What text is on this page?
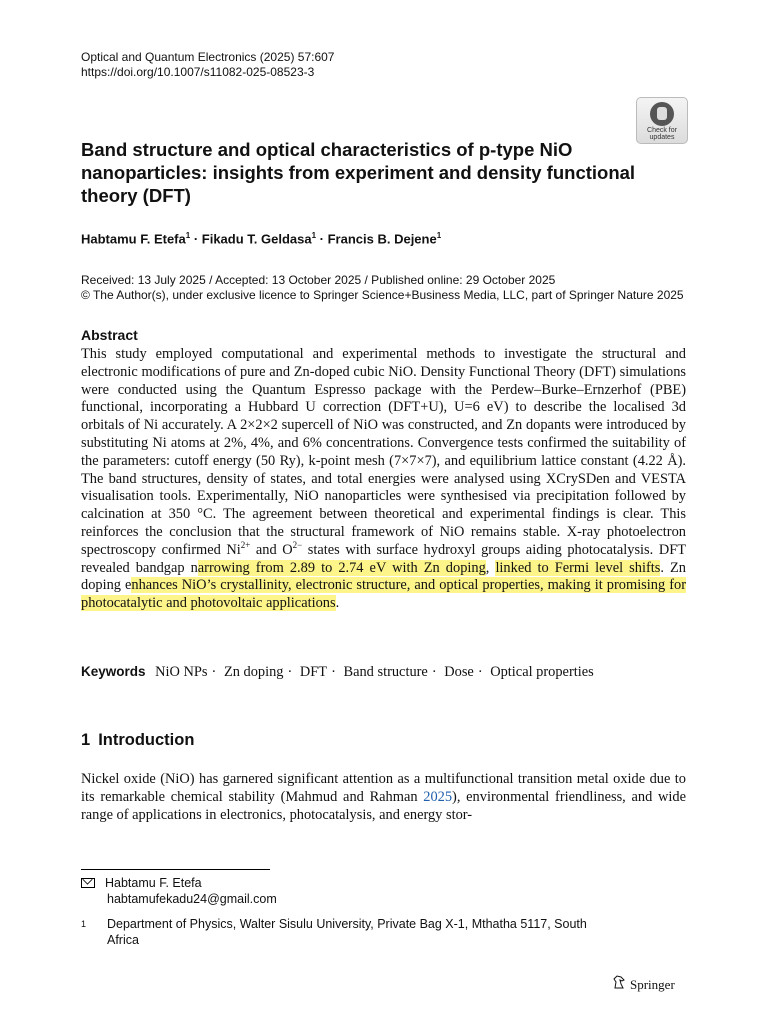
Optical and Quantum Electronics (2025) 57:607
https://doi.org/10.1007/s11082-025-08523-3
Check for
updates
Band structure and optical characteristics of p-type NiO nanoparticles: insights from experiment and density functional theory (DFT)
Habtamu F. Etefa$^1$ · Fikadu T. Geldasa$^1$ · Francis B. Dejene$^1$
Received: 13 July 2025 / Accepted: 13 October 2025 / Published online: 29 October 2025
© The Author(s), under exclusive licence to Springer Science+Business Media, LLC, part of Springer Nature 2025
Abstract

This study employed computational and experimental methods to investigate the structural and electronic modifications of pure and Zn-doped cubic NiO. Density Functional Theory (DFT) simulations were conducted using the Quantum Espresso package with the Perdew–Burke–Ernzerhof (PBE) functional, incorporating a Hubbard U correction (DFT+U), U=6 eV) to describe the localised 3d orbitals of Ni accurately. A 2×2×2 supercell of NiO was constructed, and Zn dopants were introduced by substituting Ni atoms at 2%, 4%, and 6% concentrations. Convergence tests confirmed the suitability of the parameters: cutoff energy (50 Ry), k-point mesh (7×7×7), and equilibrium lattice constant (4.22 Å). The band structures, density of states, and total energies were analysed using XCrySDen and VESTA visualisation tools. Experimentally, NiO nanoparticles were synthesised via precipitation followed by calcination at 350 °C. The agreement between theoretical and experimental findings is clear. This reinforces the conclusion that the structural framework of NiO remains stable. X-ray photoelectron spectroscopy confirmed $Ni^{2+}$ and $O^{2-}$ states with surface hydroxyl groups aiding photocatalysis. DFT revealed bandgap narrowing from 2.89 to 2.74 eV with Zn doping, linked to Fermi level shifts. Zn doping enhances NiO’s crystallinity, electronic structure, and optical properties, making it promising for photocatalytic and photovoltaic applications.

Keywords NiO NPs · Zn doping · DFT · Band structure · Dose · Optical properties
1 Introduction

Nickel oxide (NiO) has garnered significant attention as a multifunctional transition metal oxide due to its remarkable chemical stability (Mahmud and Rahman 2025), environmental friendliness, and wide range of applications in electronics, photocatalysis, and energy stor-

Habtamu F. Etefa
habtamufekadu24@gmail.com
1 Department of Physics, Walter Sisulu University, Private Bag X-1, Mthatha 5117, South Africa
Springer
